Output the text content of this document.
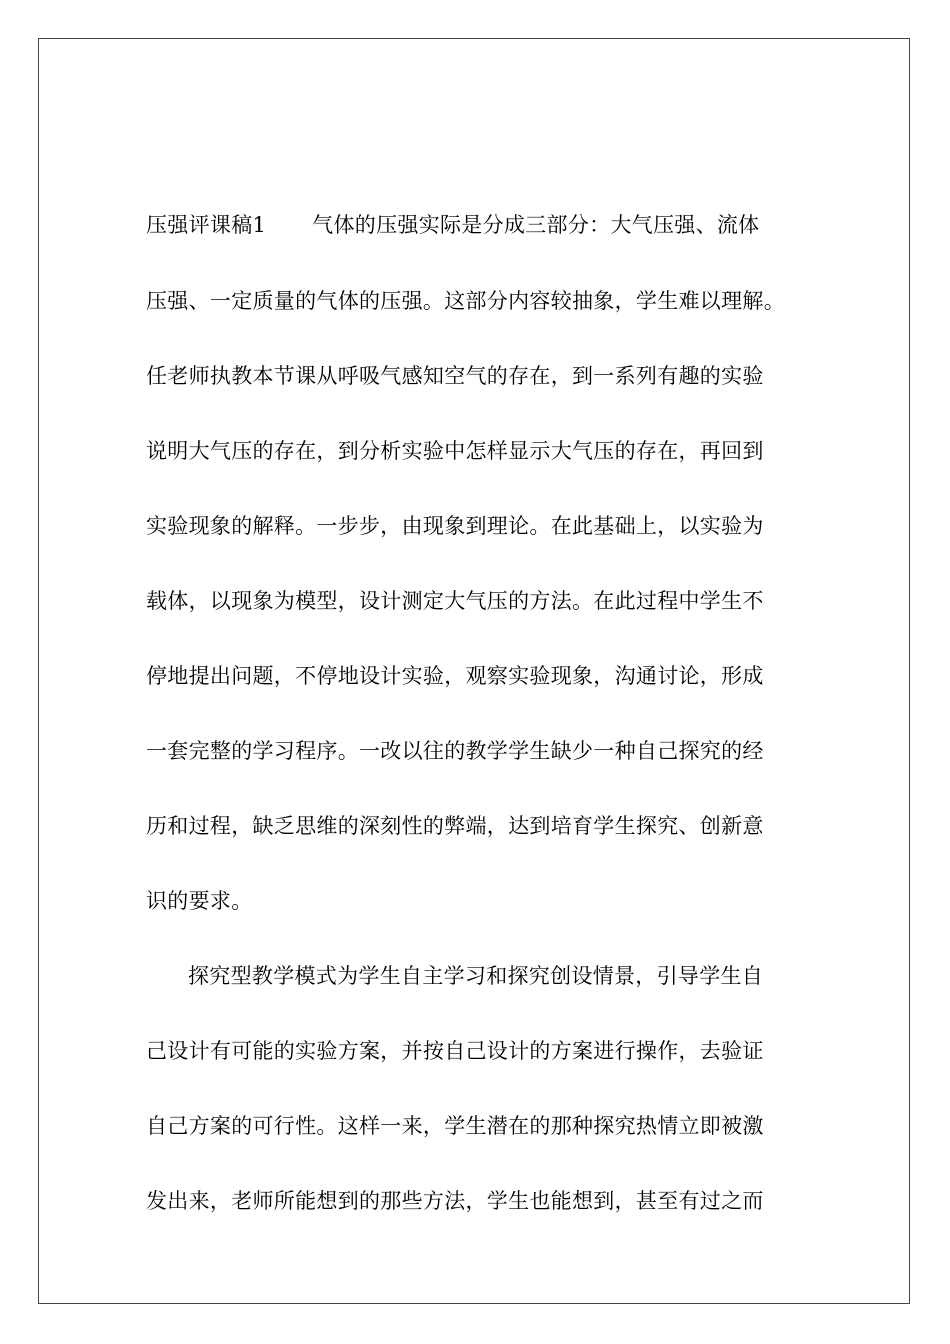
压强评课稿1 气体的压强实际是分成三部分：大气压强、流体
压强、一定质量的气体的压强。这部分内容较抽象，学生难以理解。
任老师执教本节课从呼吸气感知空气的存在，到一系列有趣的实验
说明大气压的存在，到分析实验中怎样显示大气压的存在，再回到
实验现象的解释。一步步，由现象到理论。在此基础上，以实验为
载体，以现象为模型，设计测定大气压的方法。在此过程中学生不
停地提出问题，不停地设计实验，观察实验现象，沟通讨论，形成
一套完整的学习程序。一改以往的教学学生缺少一种自己探究的经
历和过程，缺乏思维的深刻性的弊端，达到培育学生探究、创新意
识的要求。
探究型教学模式为学生自主学习和探究创设情景，引导学生自
己设计有可能的实验方案，并按自己设计的方案进行操作，去验证
自己方案的可行性。这样一来，学生潜在的那种探究热情立即被激
发出来，老师所能想到的那些方法，学生也能想到，甚至有过之而
